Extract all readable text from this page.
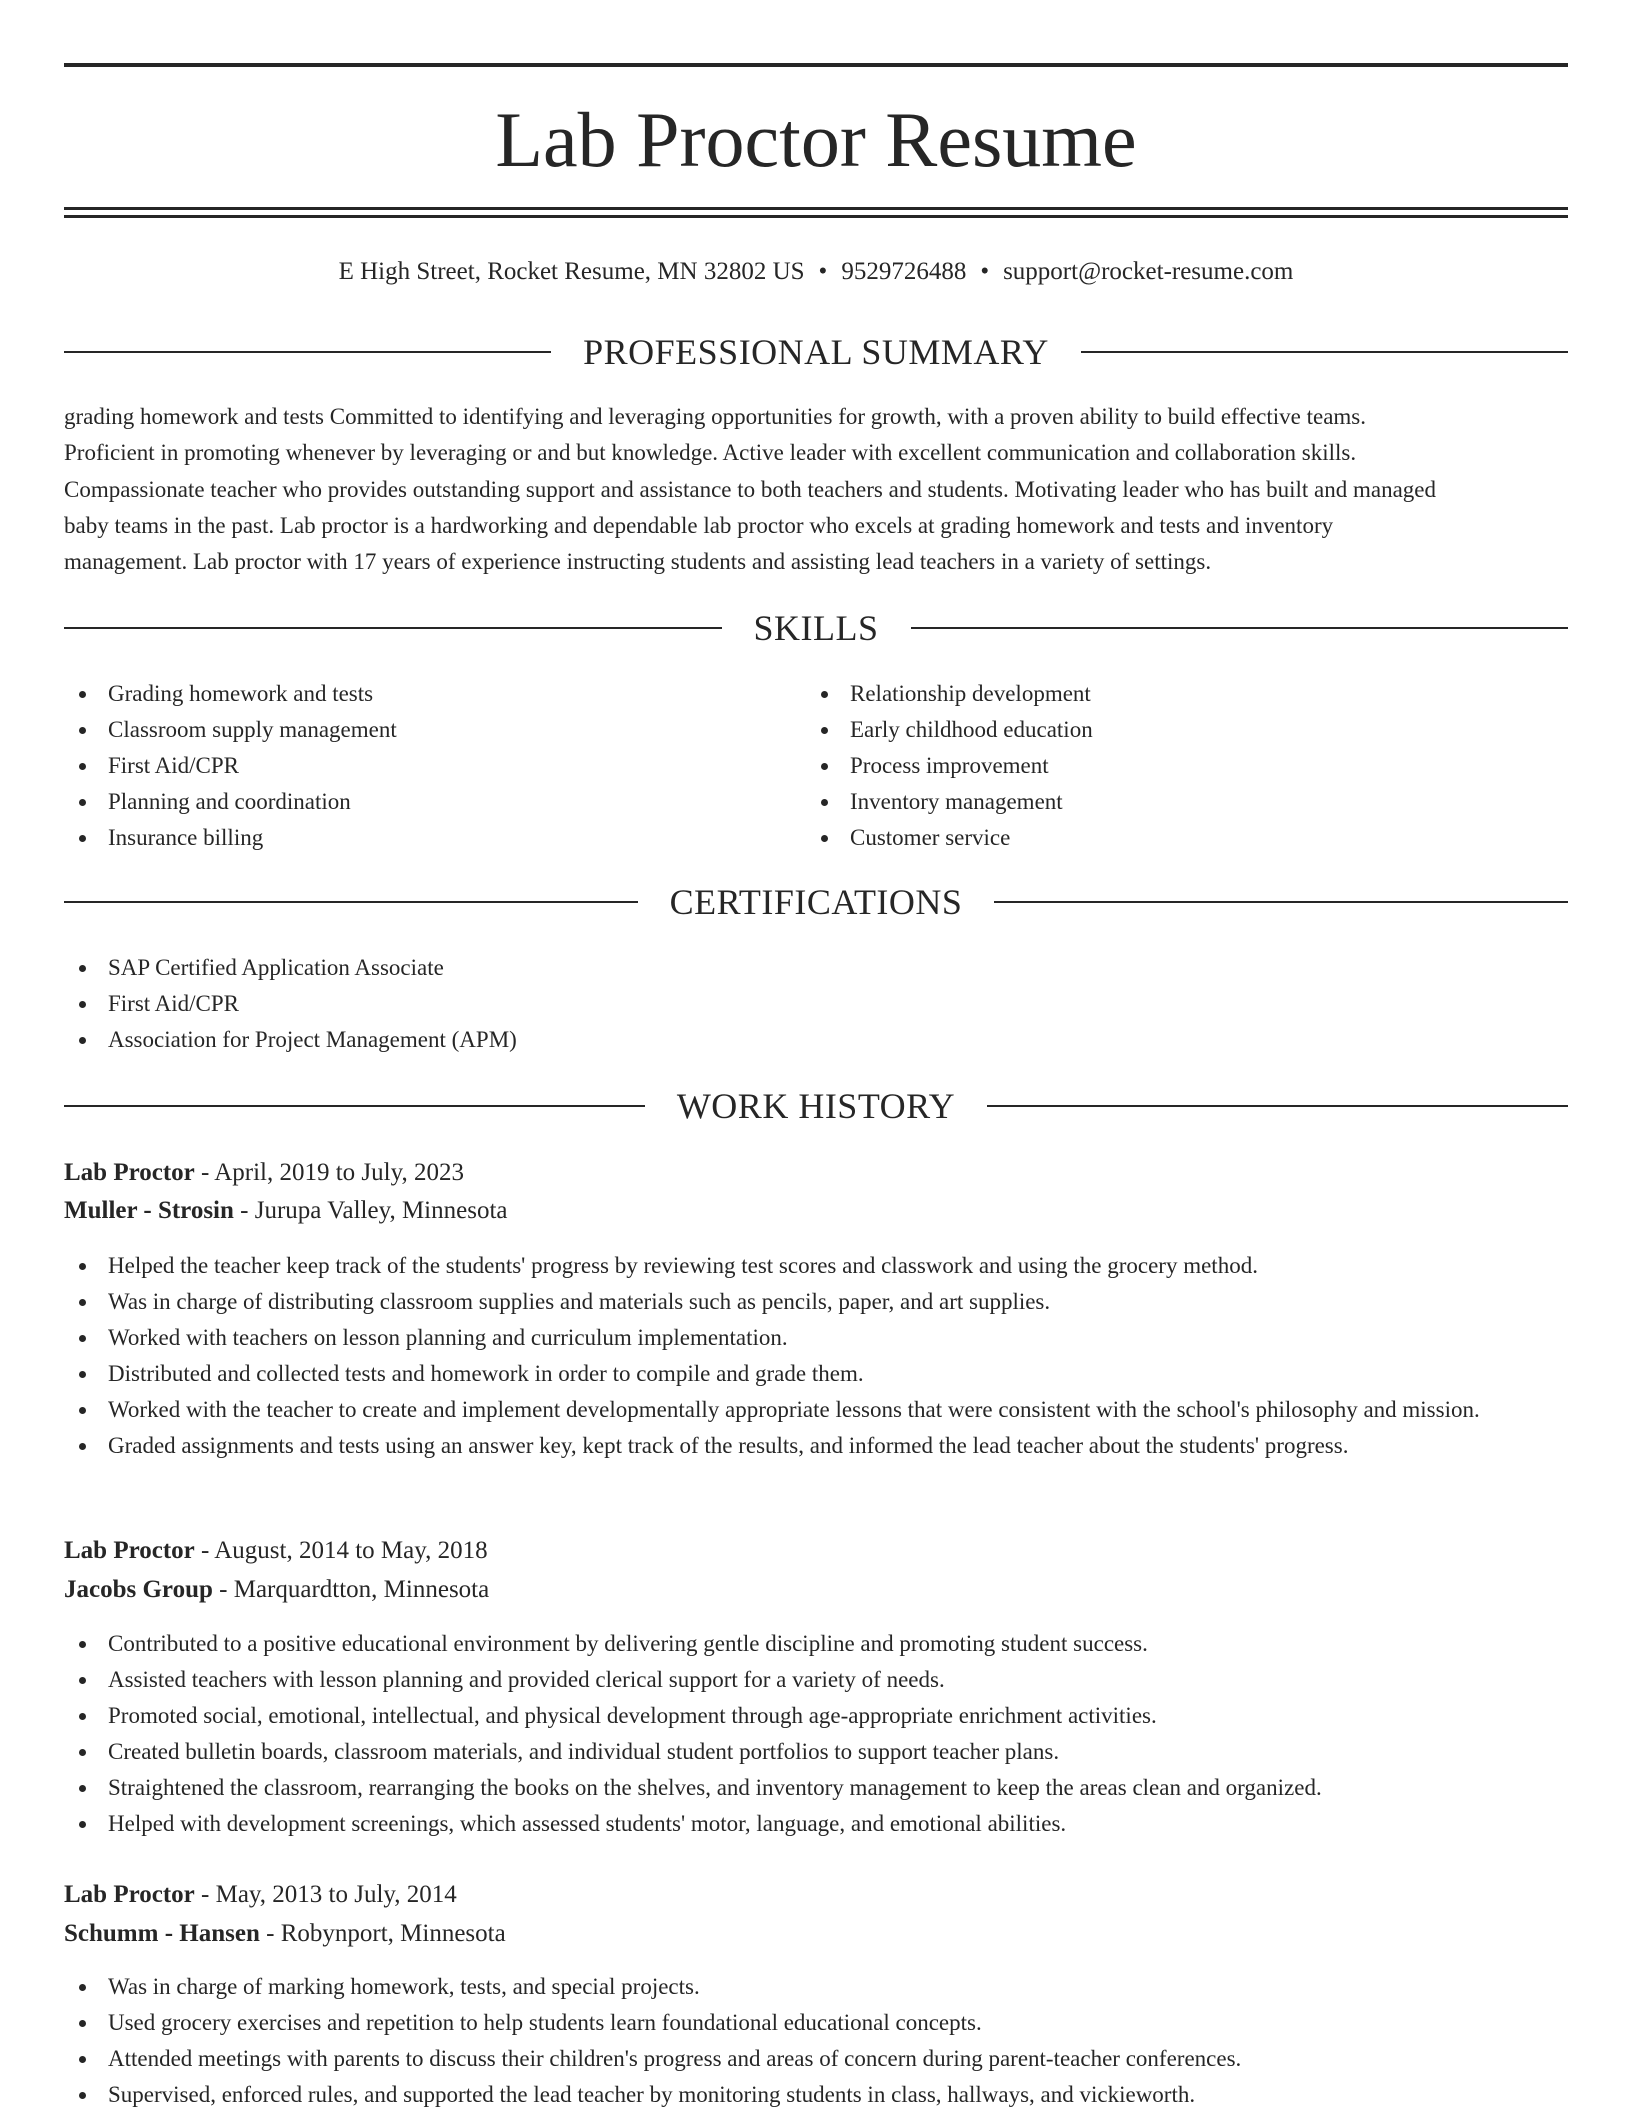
Lab Proctor Resume
E High Street, Rocket Resume, MN 32802 US • 9529726488 • support@rocket-resume.com
PROFESSIONAL SUMMARY
grading homework and tests Committed to identifying and leveraging opportunities for growth, with a proven ability to build effective teams.
Proficient in promoting whenever by leveraging or and but knowledge. Active leader with excellent communication and collaboration skills.
Compassionate teacher who provides outstanding support and assistance to both teachers and students. Motivating leader who has built and managed
baby teams in the past. Lab proctor is a hardworking and dependable lab proctor who excels at grading homework and tests and inventory
management. Lab proctor with 17 years of experience instructing students and assisting lead teachers in a variety of settings.
SKILLS
Grading homework and tests
Classroom supply management
First Aid/CPR
Planning and coordination
Insurance billing
Relationship development
Early childhood education
Process improvement
Inventory management
Customer service
CERTIFICATIONS
SAP Certified Application Associate
First Aid/CPR
Association for Project Management (APM)
WORK HISTORY
Lab Proctor - April, 2019 to July, 2023
Muller - Strosin - Jurupa Valley, Minnesota
Helped the teacher keep track of the students' progress by reviewing test scores and classwork and using the grocery method.
Was in charge of distributing classroom supplies and materials such as pencils, paper, and art supplies.
Worked with teachers on lesson planning and curriculum implementation.
Distributed and collected tests and homework in order to compile and grade them.
Worked with the teacher to create and implement developmentally appropriate lessons that were consistent with the school's philosophy and mission.
Graded assignments and tests using an answer key, kept track of the results, and informed the lead teacher about the students' progress.
Lab Proctor - August, 2014 to May, 2018
Jacobs Group - Marquardtton, Minnesota
Contributed to a positive educational environment by delivering gentle discipline and promoting student success.
Assisted teachers with lesson planning and provided clerical support for a variety of needs.
Promoted social, emotional, intellectual, and physical development through age-appropriate enrichment activities.
Created bulletin boards, classroom materials, and individual student portfolios to support teacher plans.
Straightened the classroom, rearranging the books on the shelves, and inventory management to keep the areas clean and organized.
Helped with development screenings, which assessed students' motor, language, and emotional abilities.
Lab Proctor - May, 2013 to July, 2014
Schumm - Hansen - Robynport, Minnesota
Was in charge of marking homework, tests, and special projects.
Used grocery exercises and repetition to help students learn foundational educational concepts.
Attended meetings with parents to discuss their children's progress and areas of concern during parent-teacher conferences.
Supervised, enforced rules, and supported the lead teacher by monitoring students in class, hallways, and vickieworth.
